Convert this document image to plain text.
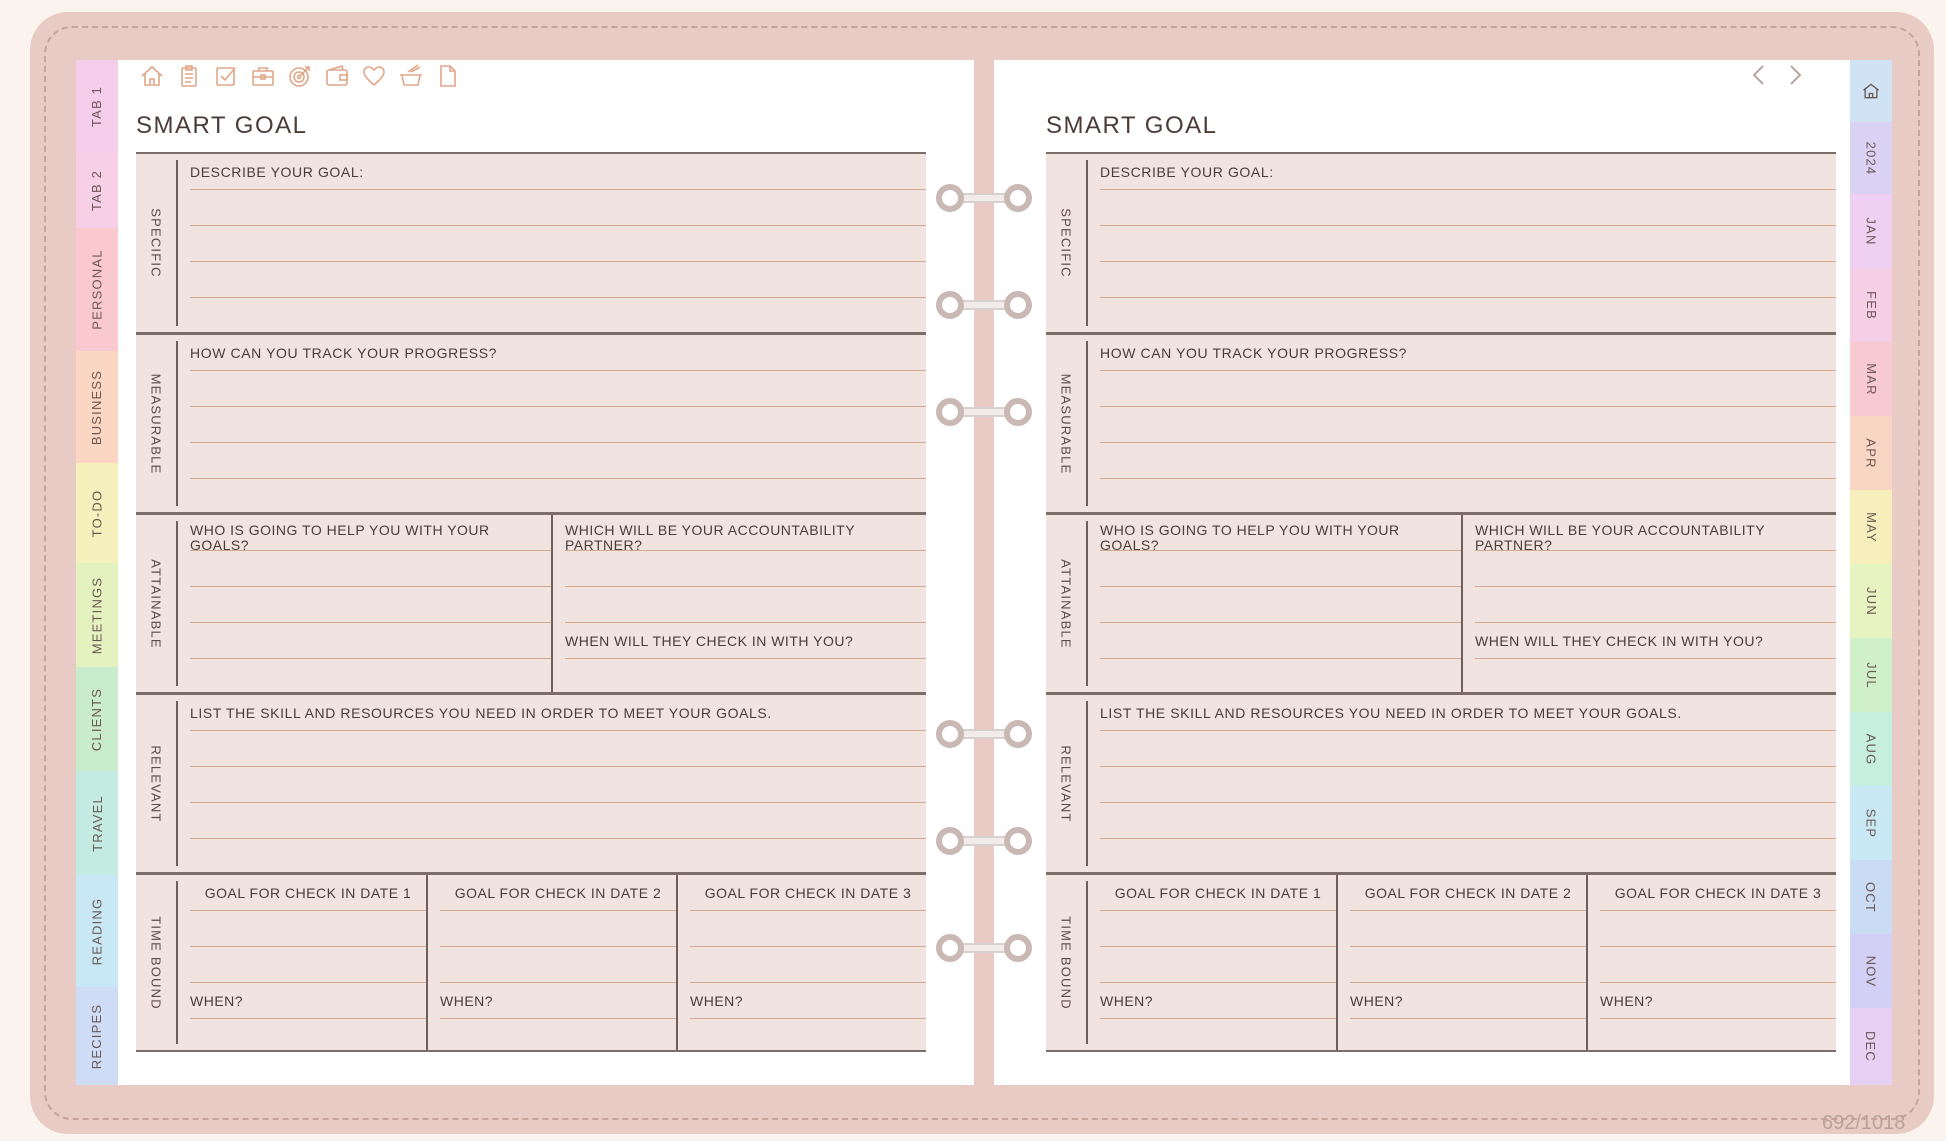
TAB 1
TAB 2
PERSONAL
BUSINESS
TO-DO
MEETINGS
CLIENTS
TRAVEL
READING
RECIPES
2024
JAN
FEB
MAR
APR
MAY
JUN
JUL
AUG
SEP
OCT
NOV
DEC
SMART GOAL
SPECIFIC
DESCRIBE YOUR GOAL:
MEASURABLE
HOW CAN YOU TRACK YOUR PROGRESS?
ATTAINABLE
WHO IS GOING TO HELP YOU WITH YOUR GOALS?
WHICH WILL BE YOUR ACCOUNTABILITY PARTNER?
WHEN WILL THEY CHECK IN WITH YOU?
RELEVANT
LIST THE SKILL AND RESOURCES YOU NEED IN ORDER TO MEET YOUR GOALS.
TIME BOUND
GOAL FOR CHECK IN DATE 1
WHEN?
GOAL FOR CHECK IN DATE 2
WHEN?
GOAL FOR CHECK IN DATE 3
WHEN?
SMART GOAL
SPECIFIC
DESCRIBE YOUR GOAL:
MEASURABLE
HOW CAN YOU TRACK YOUR PROGRESS?
ATTAINABLE
WHO IS GOING TO HELP YOU WITH YOUR GOALS?
WHICH WILL BE YOUR ACCOUNTABILITY PARTNER?
WHEN WILL THEY CHECK IN WITH YOU?
RELEVANT
LIST THE SKILL AND RESOURCES YOU NEED IN ORDER TO MEET YOUR GOALS.
TIME BOUND
GOAL FOR CHECK IN DATE 1
WHEN?
GOAL FOR CHECK IN DATE 2
WHEN?
GOAL FOR CHECK IN DATE 3
WHEN?
692/1018
